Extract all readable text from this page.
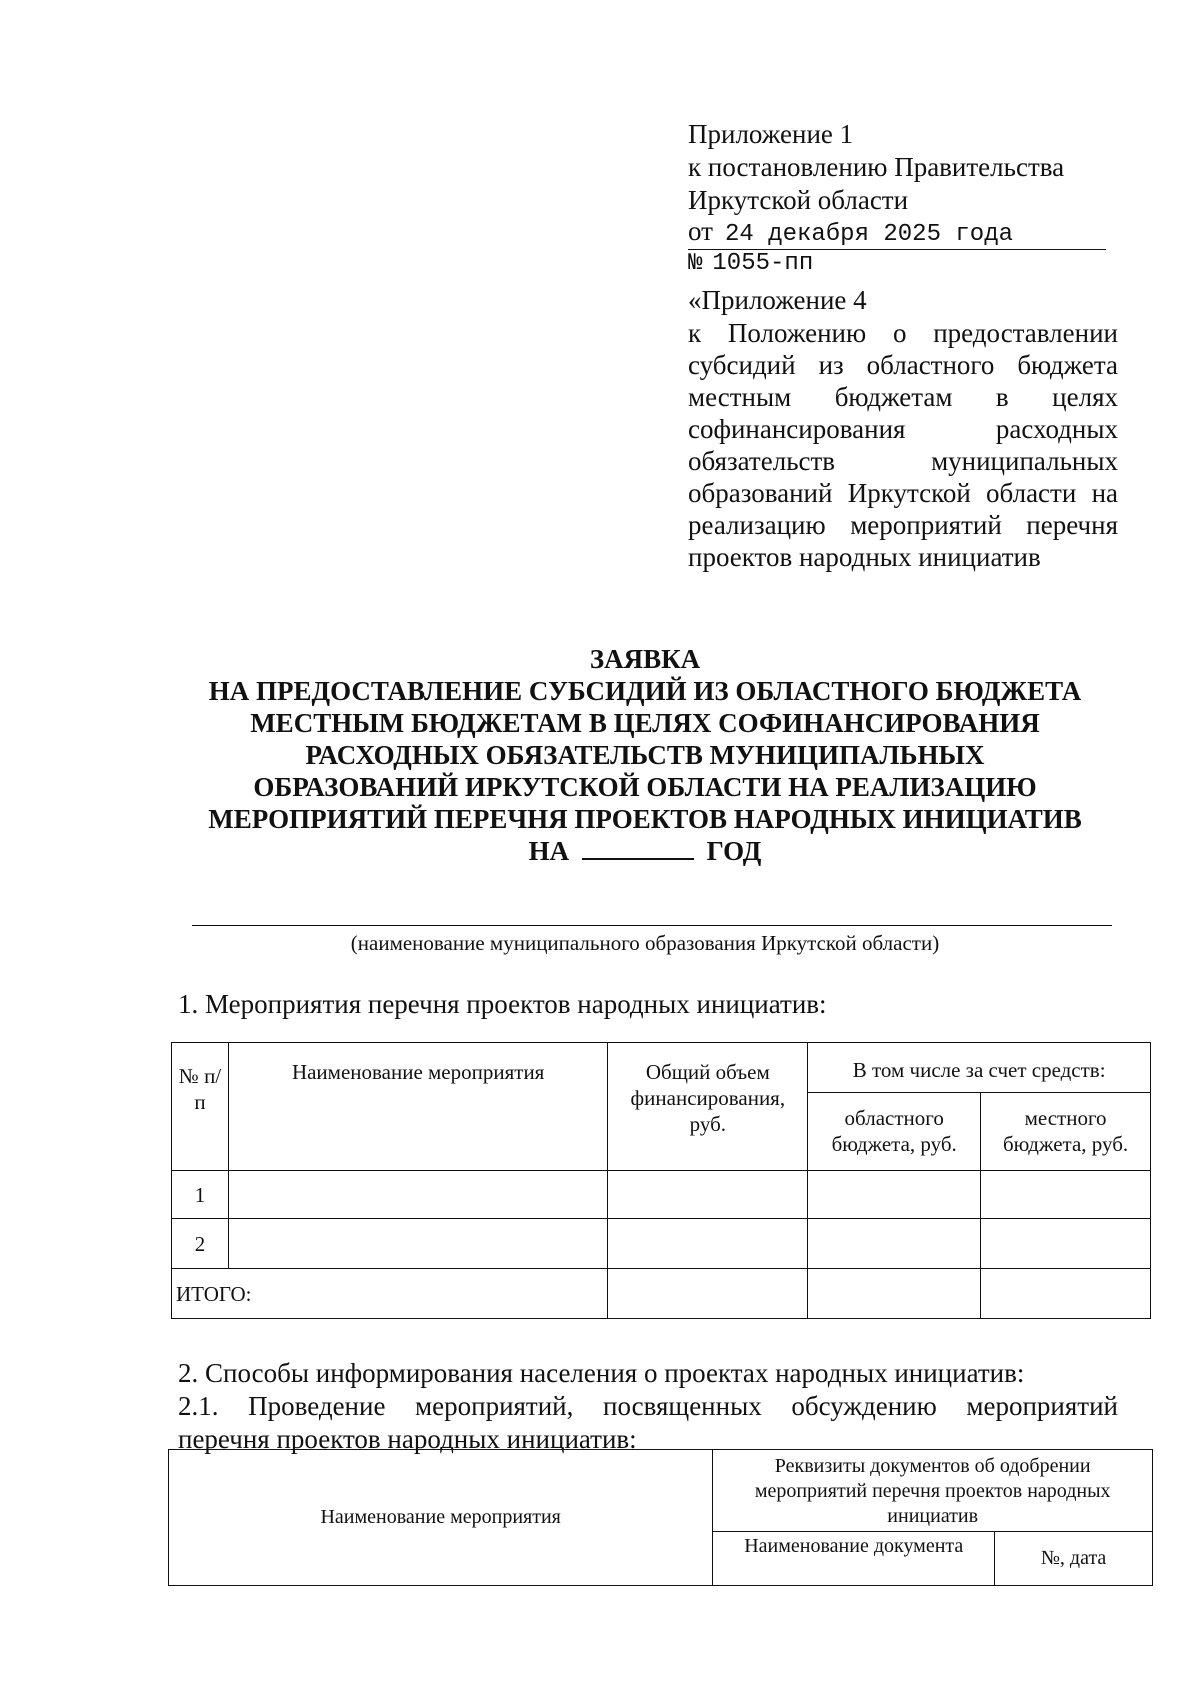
Приложение 1
к постановлению Правительства
Иркутской области
от 24 декабря 2025 года
№ 1055-пп
«Приложение 4
к Положению о предоставлении
субсидий из областного бюджета
местным бюджетам в целях
софинансирования расходных
обязательств муниципальных
образований Иркутской области на
реализацию мероприятий перечня
проектов народных инициатив
ЗАЯВКА
НА ПРЕДОСТАВЛЕНИЕ СУБСИДИЙ ИЗ ОБЛАСТНОГО БЮДЖЕТА
МЕСТНЫМ БЮДЖЕТАМ В ЦЕЛЯХ СОФИНАНСИРОВАНИЯ
РАСХОДНЫХ ОБЯЗАТЕЛЬСТВ МУНИЦИПАЛЬНЫХ
ОБРАЗОВАНИЙ ИРКУТСКОЙ ОБЛАСТИ НА РЕАЛИЗАЦИЮ
МЕРОПРИЯТИЙ ПЕРЕЧНЯ ПРОЕКТОВ НАРОДНЫХ ИНИЦИАТИВ
НА	ГОД
(наименование муниципального образования Иркутской области)
1. Мероприятия перечня проектов народных инициатив:
№ п/п	Наименование мероприятия	Общий объем финансирования, руб.	В том числе за счет средств:	
			областного бюджета, руб.	местного бюджета, руб.
1				
2				
ИТОГО:				
2. Способы информирования населения о проектах народных инициатив:
2.1. Проведение мероприятий, посвященных обсуждению мероприятий
перечня проектов народных инициатив:
Наименование мероприятия	Реквизиты документов об одобрении мероприятий перечня проектов народных инициатив	
	Наименование документа	№, дата
